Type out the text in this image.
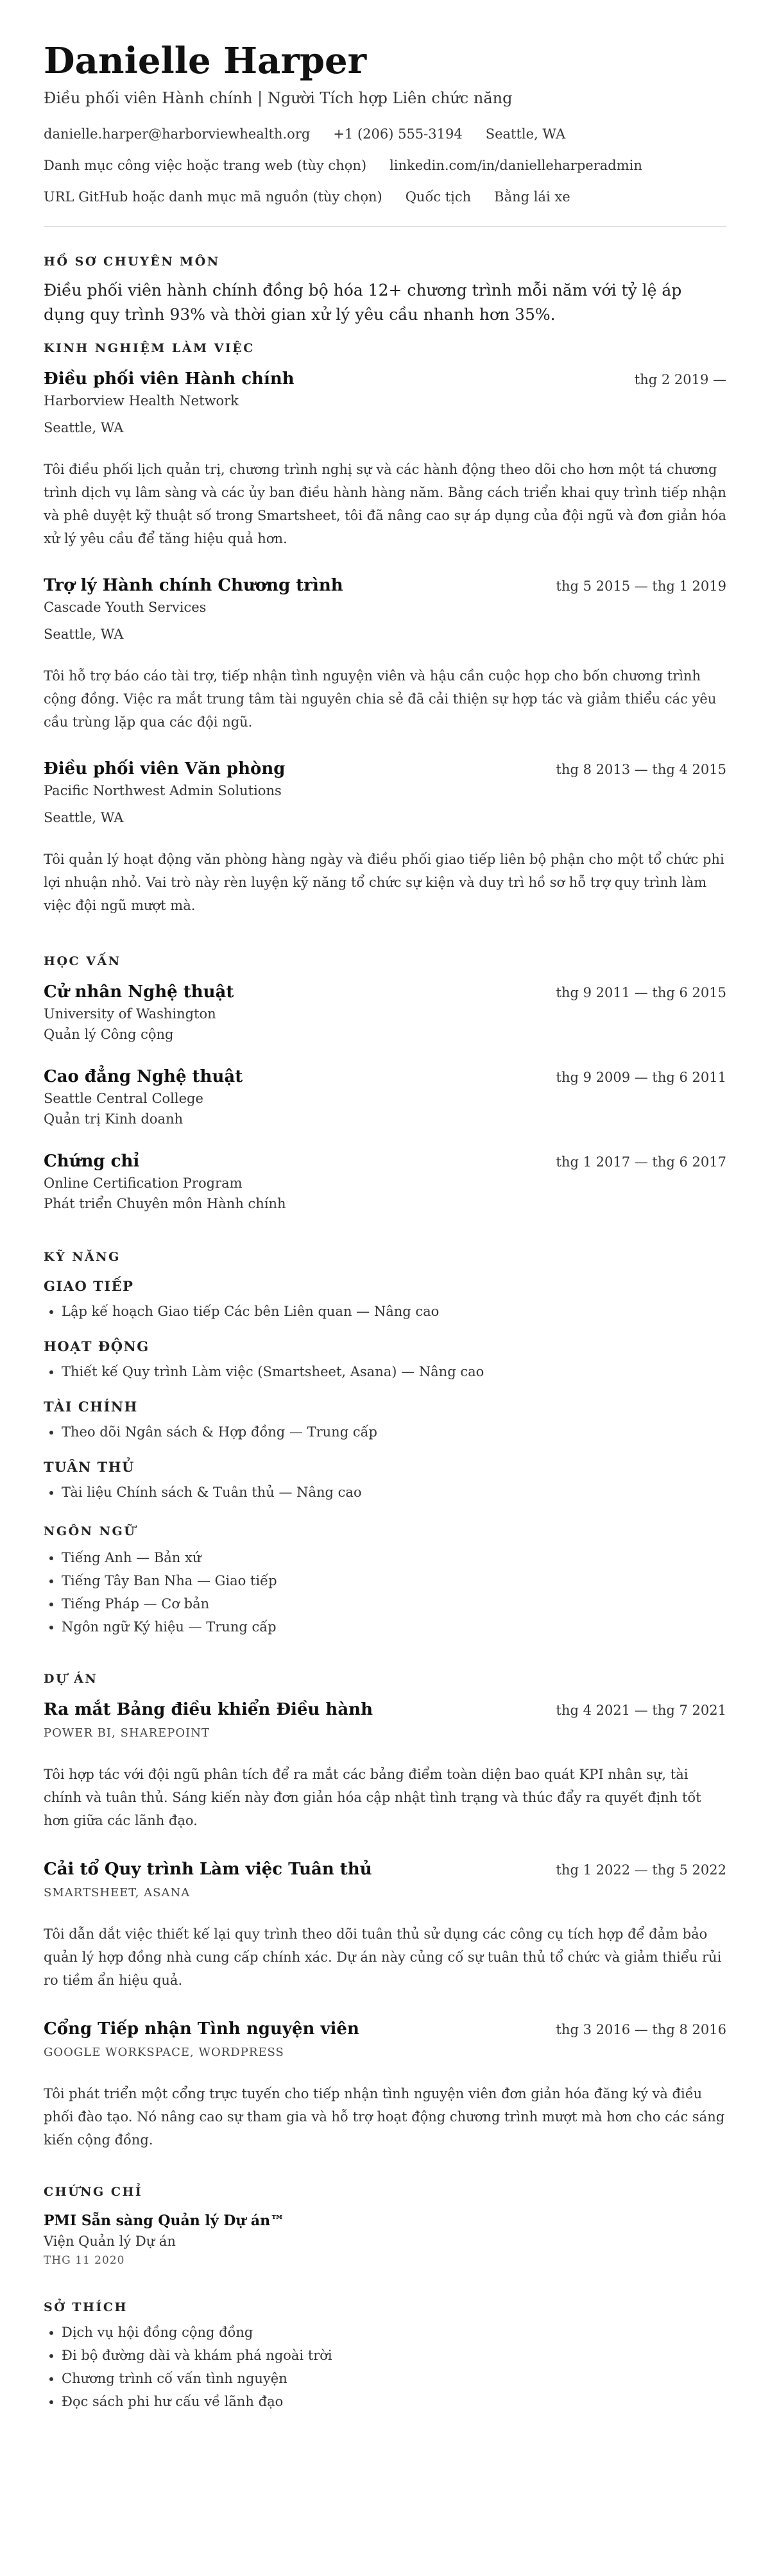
Danielle Harper
Điều phối viên Hành chính | Người Tích hợp Liên chức năng
danielle.harper@harborviewhealth.org +1 (206) 555-3194 Seattle, WA
Danh mục công việc hoặc trang web (tùy chọn) linkedin.com/in/danielleharperadmin
URL GitHub hoặc danh mục mã nguồn (tùy chọn) Quốc tịch Bằng lái xe
HỒ SƠ CHUYÊN MÔN
Điều phối viên hành chính đồng bộ hóa 12+ chương trình mỗi năm với tỷ lệ áp dụng quy trình 93% và thời gian xử lý yêu cầu nhanh hơn 35%.
KINH NGHIỆM LÀM VIỆC
Điều phối viên Hành chính	thg 2 2019 —
Harborview Health Network
Seattle, WA
Tôi điều phối lịch quản trị, chương trình nghị sự và các hành động theo dõi cho hơn một tá chương trình dịch vụ lâm sàng và các ủy ban điều hành hàng năm. Bằng cách triển khai quy trình tiếp nhận và phê duyệt kỹ thuật số trong Smartsheet, tôi đã nâng cao sự áp dụng của đội ngũ và đơn giản hóa xử lý yêu cầu để tăng hiệu quả hơn.
Trợ lý Hành chính Chương trình	thg 5 2015 — thg 1 2019
Cascade Youth Services
Seattle, WA
Tôi hỗ trợ báo cáo tài trợ, tiếp nhận tình nguyện viên và hậu cần cuộc họp cho bốn chương trình cộng đồng. Việc ra mắt trung tâm tài nguyên chia sẻ đã cải thiện sự hợp tác và giảm thiểu các yêu cầu trùng lặp qua các đội ngũ.
Điều phối viên Văn phòng	thg 8 2013 — thg 4 2015
Pacific Northwest Admin Solutions
Seattle, WA
Tôi quản lý hoạt động văn phòng hàng ngày và điều phối giao tiếp liên bộ phận cho một tổ chức phi lợi nhuận nhỏ. Vai trò này rèn luyện kỹ năng tổ chức sự kiện và duy trì hồ sơ hỗ trợ quy trình làm việc đội ngũ mượt mà.
HỌC VẤN
Cử nhân Nghệ thuật	thg 9 2011 — thg 6 2015
University of Washington
Quản lý Công cộng
Cao đẳng Nghệ thuật	thg 9 2009 — thg 6 2011
Seattle Central College
Quản trị Kinh doanh
Chứng chỉ	thg 1 2017 — thg 6 2017
Online Certification Program
Phát triển Chuyên môn Hành chính
KỸ NĂNG
GIAO TIẾP
• Lập kế hoạch Giao tiếp Các bên Liên quan — Nâng cao
HOẠT ĐỘNG
• Thiết kế Quy trình Làm việc (Smartsheet, Asana) — Nâng cao
TÀI CHÍNH
• Theo dõi Ngân sách & Hợp đồng — Trung cấp
TUÂN THỦ
• Tài liệu Chính sách & Tuân thủ — Nâng cao
NGÔN NGỮ
• Tiếng Anh — Bản xứ
• Tiếng Tây Ban Nha — Giao tiếp
• Tiếng Pháp — Cơ bản
• Ngôn ngữ Ký hiệu — Trung cấp
DỰ ÁN
Ra mắt Bảng điều khiển Điều hành	thg 4 2021 — thg 7 2021
POWER BI, SHAREPOINT
Tôi hợp tác với đội ngũ phân tích để ra mắt các bảng điểm toàn diện bao quát KPI nhân sự, tài chính và tuân thủ. Sáng kiến này đơn giản hóa cập nhật tình trạng và thúc đẩy ra quyết định tốt hơn giữa các lãnh đạo.
Cải tổ Quy trình Làm việc Tuân thủ	thg 1 2022 — thg 5 2022
SMARTSHEET, ASANA
Tôi dẫn dắt việc thiết kế lại quy trình theo dõi tuân thủ sử dụng các công cụ tích hợp để đảm bảo quản lý hợp đồng nhà cung cấp chính xác. Dự án này củng cố sự tuân thủ tổ chức và giảm thiểu rủi ro tiềm ẩn hiệu quả.
Cổng Tiếp nhận Tình nguyện viên	thg 3 2016 — thg 8 2016
GOOGLE WORKSPACE, WORDPRESS
Tôi phát triển một cổng trực tuyến cho tiếp nhận tình nguyện viên đơn giản hóa đăng ký và điều phối đào tạo. Nó nâng cao sự tham gia và hỗ trợ hoạt động chương trình mượt mà hơn cho các sáng kiến cộng đồng.
CHỨNG CHỈ
PMI Sẵn sàng Quản lý Dự án™
Viện Quản lý Dự án
THG 11 2020
SỞ THÍCH
• Dịch vụ hội đồng cộng đồng
• Đi bộ đường dài và khám phá ngoài trời
• Chương trình cố vấn tình nguyện
• Đọc sách phi hư cấu về lãnh đạo
